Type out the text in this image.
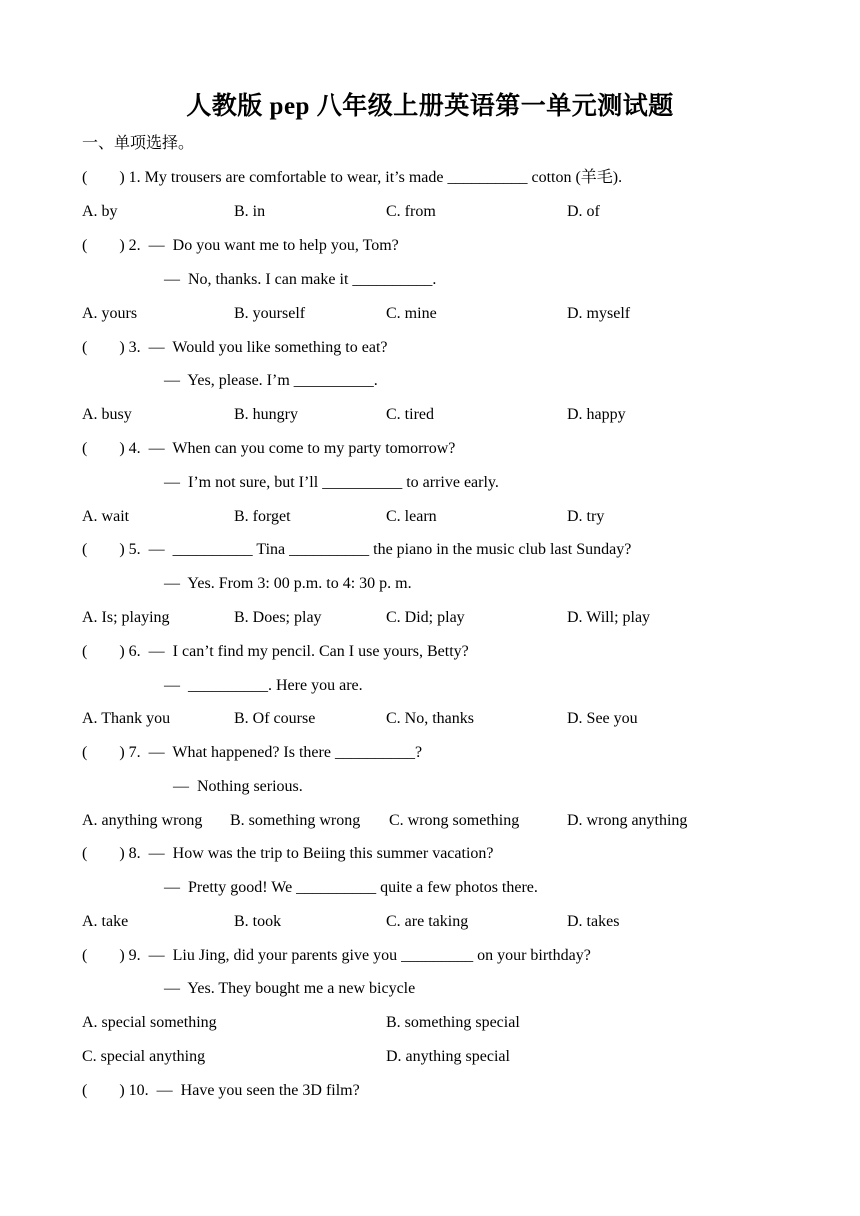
人教版 pep 八年级上册英语第一单元测试题
一、单项选择。
(        ) 1. My trousers are comfortable to wear, it’s made __________ cotton (羊毛).
A. by	B. in	C. from	D. of
(        ) 2.  —  Do you want me to help you, Tom?
—  No, thanks. I can make it __________.
A. yours	B. yourself	C. mine	D. myself
(        ) 3.  —  Would you like something to eat?
—  Yes, please. I’m __________.
A. busy	B. hungry	C. tired	D. happy
(        ) 4.  —  When can you come to my party tomorrow?
—  I’m not sure, but I’ll __________ to arrive early.
A. wait	B. forget	C. learn	D. try
(        ) 5.  —  __________ Tina __________ the piano in the music club last Sunday?
—  Yes. From 3: 00 p.m. to 4: 30 p. m.
A. Is; playing	B. Does; play	C. Did; play	D. Will; play
(        ) 6.  —  I can’t find my pencil. Can I use yours, Betty?
—  __________. Here you are.
A. Thank you	B. Of course	C. No, thanks	D. See you
(        ) 7.  —  What happened? Is there __________?
—  Nothing serious.
A. anything wrong B. something wrong C. wrong something	D. wrong anything
(        ) 8.  —  How was the trip to Beiing this summer vacation?
—  Pretty good! We __________ quite a few photos there.
A. take	B. took	C. are taking	D. takes
(        ) 9.  —  Liu Jing, did your parents give you _________ on your birthday?
—  Yes. They bought me a new bicycle
A. special something	B. something special
C. special anything	D. anything special
(        ) 10.  —  Have you seen the 3D film?
